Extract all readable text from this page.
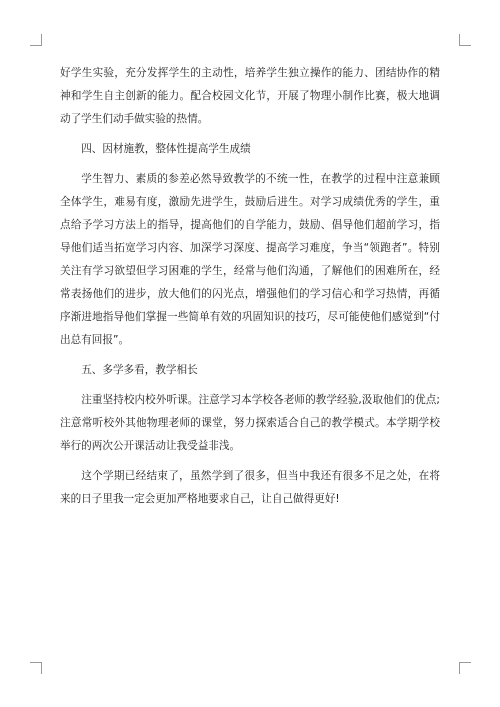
好学生实验，充分发挥学生的主动性，培养学生独立操作的能力、团结协作的精神和学生自主创新的能力。配合校园文化节，开展了物理小制作比赛，极大地调动了学生们动手做实验的热情。

四、因材施教，整体性提高学生成绩

学生智力、素质的参差必然导致教学的不统一性，在教学的过程中注意兼顾全体学生，难易有度，激励先进学生，鼓励后进生。对学习成绩优秀的学生，重点给予学习方法上的指导，提高他们的自学能力，鼓励、倡导他们超前学习，指导他们适当拓宽学习内容、加深学习深度、提高学习难度，争当“领跑者”。特别关注有学习欲望但学习困难的学生，经常与他们沟通，了解他们的困难所在，经常表扬他们的进步，放大他们的闪光点，增强他们的学习信心和学习热情，再循序渐进地指导他们掌握一些简单有效的巩固知识的技巧，尽可能使他们感觉到“付出总有回报”。

五、多学多看，教学相长

注重坚持校内校外听课。注意学习本学校各老师的教学经验,汲取他们的优点;注意常听校外其他物理老师的课堂，努力探索适合自己的教学模式。本学期学校举行的两次公开课活动让我受益非浅。

这个学期已经结束了，虽然学到了很多，但当中我还有很多不足之处，在将来的日子里我一定会更加严格地要求自己，让自己做得更好!
